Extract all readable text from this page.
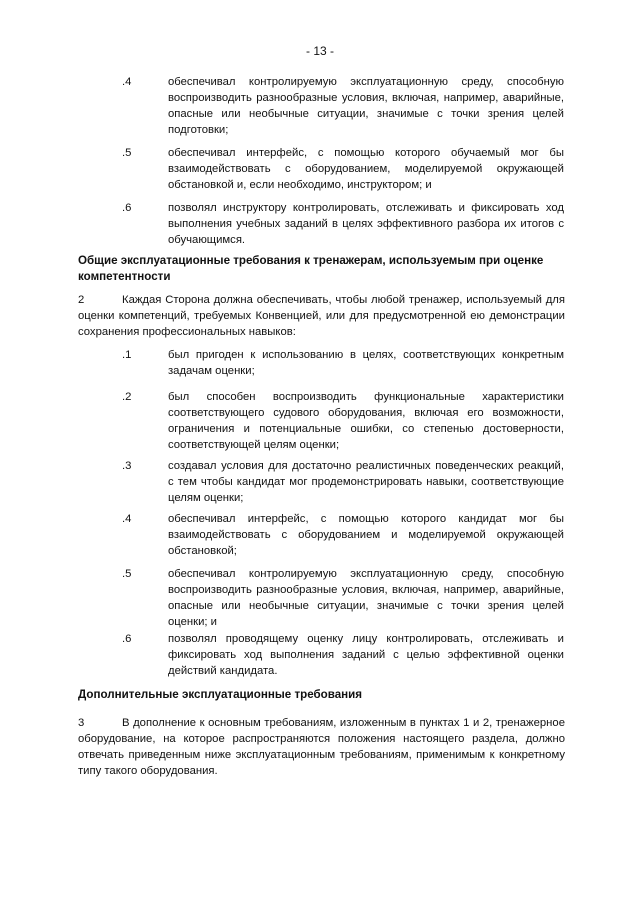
- 13 -
.4	обеспечивал контролируемую эксплуатационную среду, способную воспроизводить разнообразные условия, включая, например, аварийные, опасные или необычные ситуации, значимые с точки зрения целей подготовки;
.5	обеспечивал интерфейс, с помощью которого обучаемый мог бы взаимодействовать с оборудованием, моделируемой окружающей обстановкой и, если необходимо, инструктором; и
.6	позволял инструктору контролировать, отслеживать и фиксировать ход выполнения учебных заданий в целях эффективного разбора их итогов с обучающимся.
Общие эксплуатационные требования к тренажерам, используемым при оценке компетентности
2	Каждая Сторона должна обеспечивать, чтобы любой тренажер, используемый для оценки компетенций, требуемых Конвенцией, или для предусмотренной ею демонстрации сохранения профессиональных навыков:
.1	был пригоден к использованию в целях, соответствующих конкретным задачам оценки;
.2	был способен воспроизводить функциональные характеристики соответствующего судового оборудования, включая его возможности, ограничения и потенциальные ошибки, со степенью достоверности, соответствующей целям оценки;
.3	создавал условия для достаточно реалистичных поведенческих реакций, с тем чтобы кандидат мог продемонстрировать навыки, соответствующие целям оценки;
.4	обеспечивал интерфейс, с помощью которого кандидат мог бы взаимодействовать с оборудованием и моделируемой окружающей обстановкой;
.5	обеспечивал контролируемую эксплуатационную среду, способную воспроизводить разнообразные условия, включая, например, аварийные, опасные или необычные ситуации, значимые с точки зрения целей оценки; и
.6	позволял проводящему оценку лицу контролировать, отслеживать и фиксировать ход выполнения заданий с целью эффективной оценки действий кандидата.
Дополнительные эксплуатационные требования
3	В дополнение к основным требованиям, изложенным в пунктах 1 и 2, тренажерное оборудование, на которое распространяются положения настоящего раздела, должно отвечать приведенным ниже эксплуатационным требованиям, применимым к конкретному типу такого оборудования.
